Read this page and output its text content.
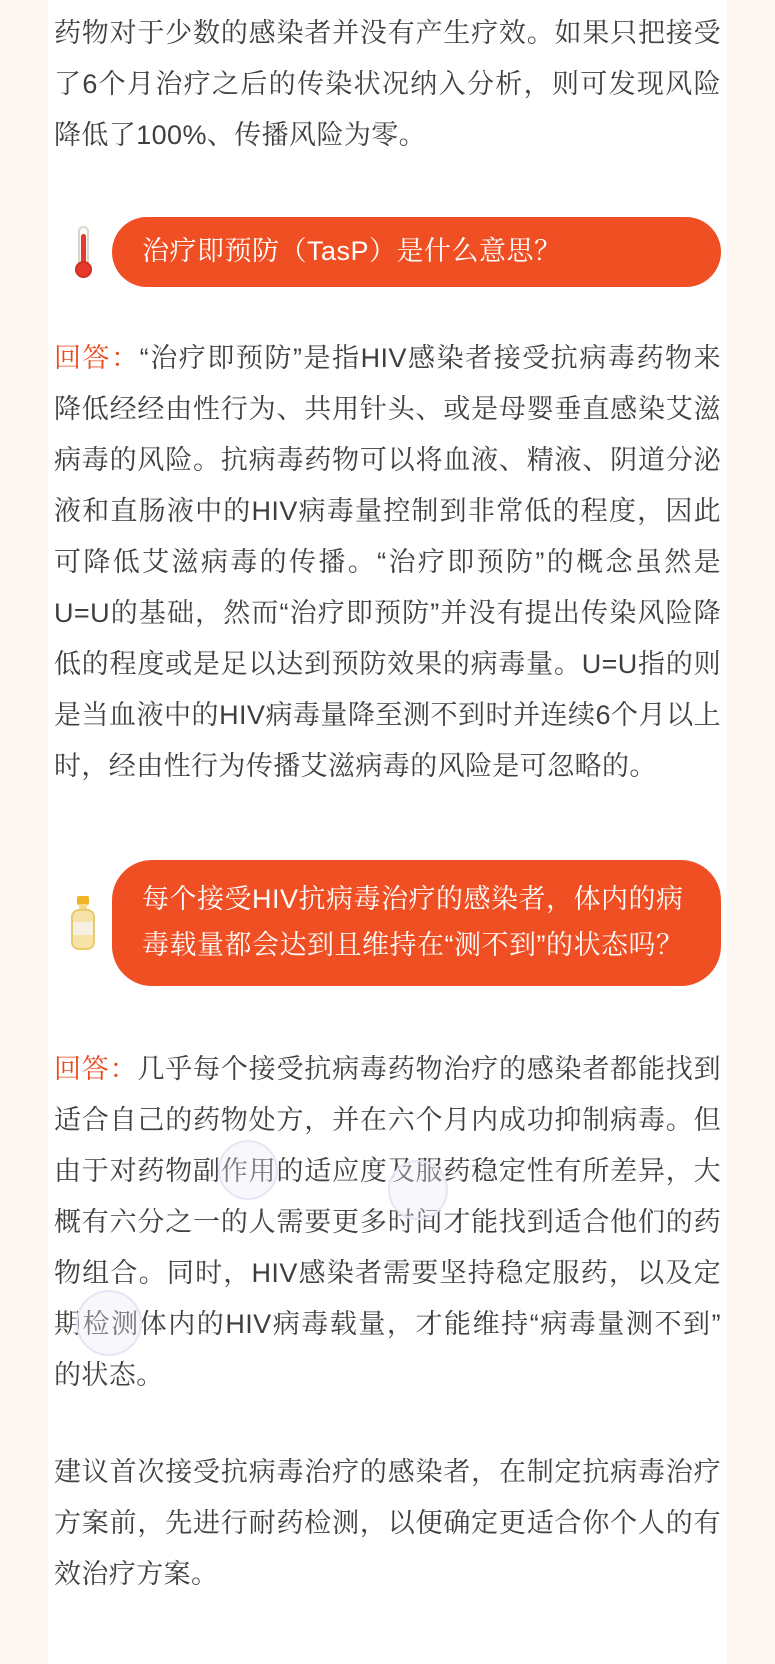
药物对于少数的感染者并没有产生疗效。如果只把接受了6个月治疗之后的传染状况纳入分析，则可发现风险降低了100%、传播风险为零。

治疗即预防（TasP）是什么意思？

回答：“治疗即预防”是指HIV感染者接受抗病毒药物来降低经经由性行为、共用针头、或是母婴垂直感染艾滋病毒的风险。抗病毒药物可以将血液、精液、阴道分泌液和直肠液中的HIV病毒量控制到非常低的程度，因此可降低艾滋病毒的传播。“治疗即预防”的概念虽然是U=U的基础，然而“治疗即预防”并没有提出传染风险降低的程度或是足以达到预防效果的病毒量。U=U指的则是当血液中的HIV病毒量降至测不到时并连续6个月以上时，经由性行为传播艾滋病毒的风险是可忽略的。

每个接受HIV抗病毒治疗的感染者，体内的病毒载量都会达到且维持在“测不到”的状态吗？

回答：几乎每个接受抗病毒药物治疗的感染者都能找到适合自己的药物处方，并在六个月内成功抑制病毒。但由于对药物副作用的适应度及服药稳定性有所差异，大概有六分之一的人需要更多时间才能找到适合他们的药物组合。同时，HIV感染者需要坚持稳定服药，以及定期检测体内的HIV病毒载量，才能维持“病毒量测不到”的状态。

建议首次接受抗病毒治疗的感染者，在制定抗病毒治疗方案前，先进行耐药检测，以便确定更适合你个人的有效治疗方案。
